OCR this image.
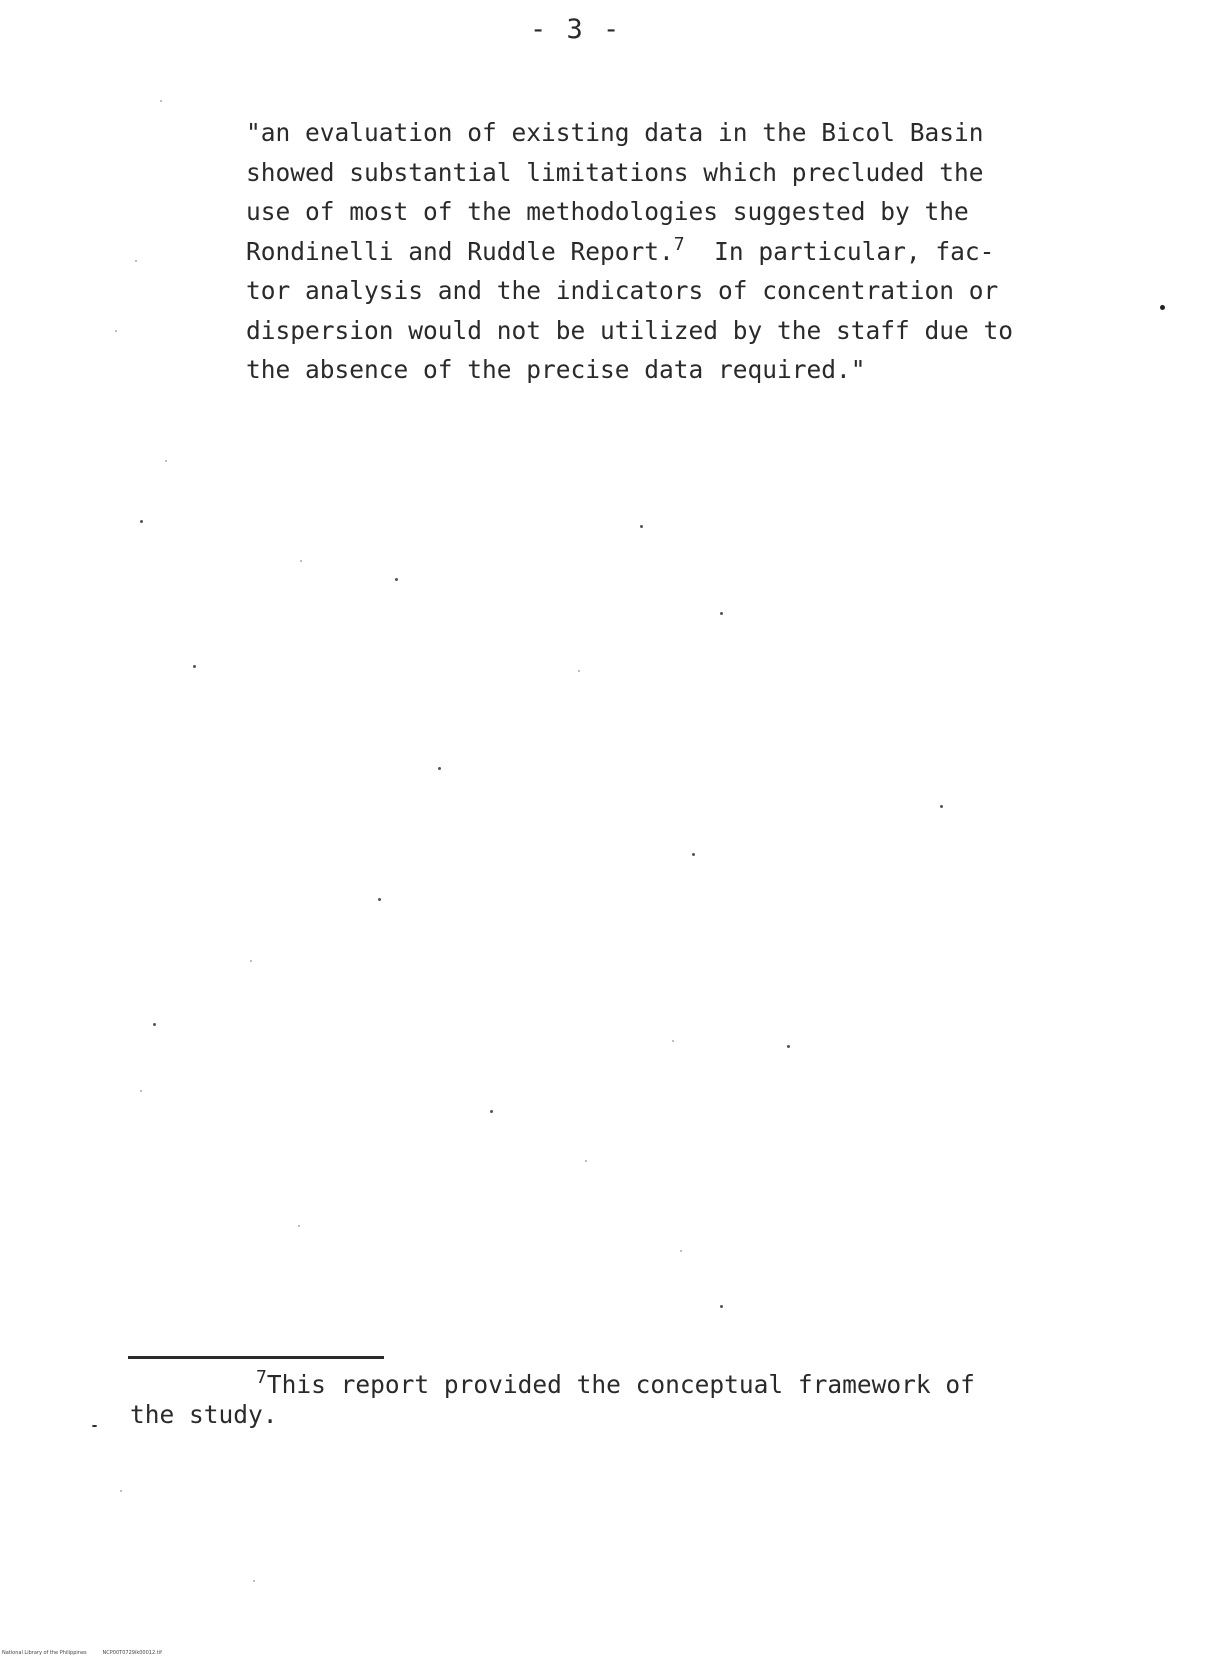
- 3 -
"an evaluation of existing data in the Bicol Basin
showed substantial limitations which precluded the
use of most of the methodologies suggested by the
Rondinelli and Ruddle Report.$^7$  In particular, fac-
tor analysis and the indicators of concentration or
dispersion would not be utilized by the staff due to
the absence of the precise data required."
$^7$This report provided the conceptual framework of
the study.
National Library of the Philippines	NCP00T0729ík00012.tif
